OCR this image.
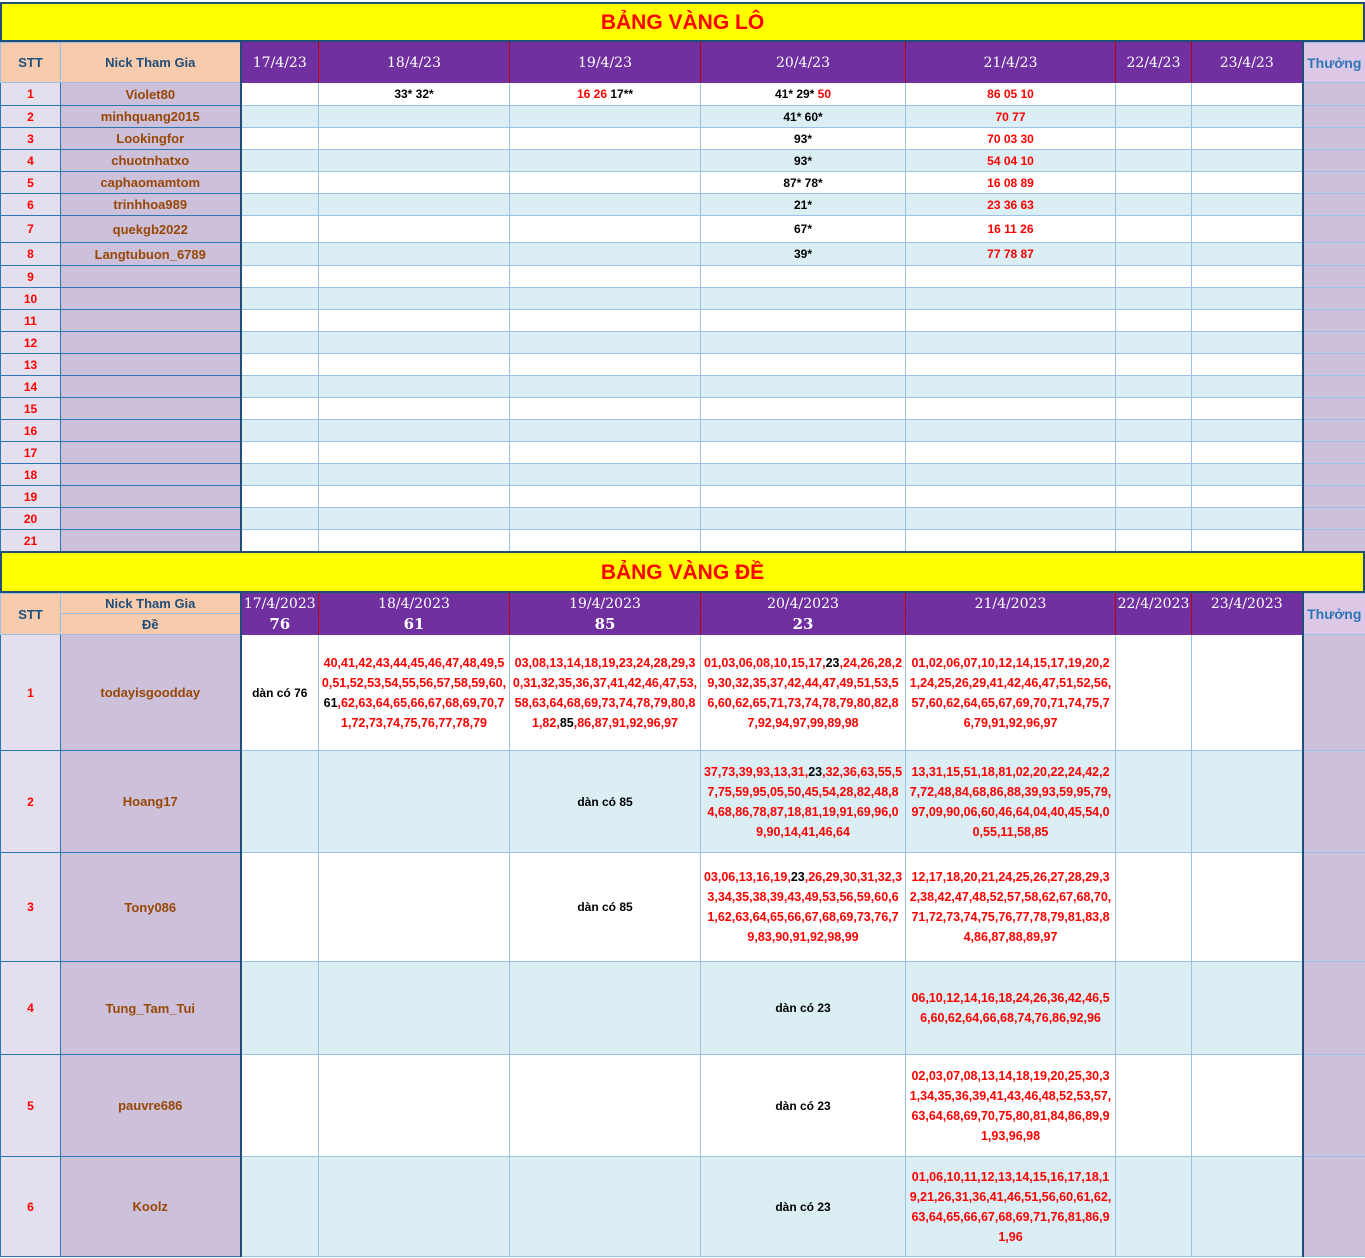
BẢNG VÀNG LÔ
STT	Nick Tham Gia	17/4/23	18/4/23	19/4/23	20/4/23	21/4/23	22/4/23	23/4/23	Thưởng
1	Violet80		33* 32*	16 26 17**	41* 29* 50	86 05 10			

2	minhquang2015				41* 60*	70 77			

3	Lookingfor				93*	70 03 30			

4	chuotnhatxo				93*	54 04 10			

5	caphaomamtom				87* 78*	16 08 89			

6	trinhhoa989				21*	23 36 63			

7	quekgb2022				67*	16 11 26			

8	Langtubuon_6789				39*	77 78 87			

9		

10		

11		

12		

13		

14		

15		

16		

17		

18		

19		

20		

21		

BẢNG VÀNG ĐỀ
STT	Nick Tham Gia	17/4/2023	18/4/2023	19/4/2023	20/4/2023	21/4/2023	22/4/2023	23/4/2023	Thưởng
	Đề	76	61	85	23				
1	todayisgoodday	dàn có 76	40,41,42,43,44,45,46,47,48,49,50,51,52,53,54,55,56,57,58,59,60,61,62,63,64,65,66,67,68,69,70,71,72,73,74,75,76,77,78,79	03,08,13,14,18,19,23,24,28,29,30,31,32,35,36,37,41,42,46,47,53,58,63,64,68,69,73,74,78,79,80,81,82,85,86,87,91,92,96,97	01,03,06,08,10,15,17,23,24,26,28,29,30,32,35,37,42,44,47,49,51,53,56,60,62,65,71,73,74,78,79,80,82,87,92,94,97,99,89,98	01,02,06,07,10,12,14,15,17,19,20,21,24,25,26,29,41,42,46,47,51,52,56,57,60,62,64,65,67,69,70,71,74,75,76,79,91,92,96,97			

2	Hoang17			dàn có 85	37,73,39,93,13,31,23,32,36,63,55,57,75,59,95,05,50,45,54,28,82,48,84,68,86,78,87,18,81,19,91,69,96,09,90,14,41,46,64	13,31,15,51,18,81,02,20,22,24,42,27,72,48,84,68,86,88,39,93,59,95,79,97,09,90,06,60,46,64,04,40,45,54,00,55,11,58,85			

3	Tony086			dàn có 85	03,06,13,16,19,23,26,29,30,31,32,33,34,35,38,39,43,49,53,56,59,60,61,62,63,64,65,66,67,68,69,73,76,79,83,90,91,92,98,99	12,17,18,20,21,24,25,26,27,28,29,32,38,42,47,48,52,57,58,62,67,68,70,71,72,73,74,75,76,77,78,79,81,83,84,86,87,88,89,97			

4	Tung_Tam_Tui				dàn có 23	06,10,12,14,16,18,24,26,36,42,46,56,60,62,64,66,68,74,76,86,92,96			

5	pauvre686				dàn có 23	02,03,07,08,13,14,18,19,20,25,30,31,34,35,36,39,41,43,46,48,52,53,57,63,64,68,69,70,75,80,81,84,86,89,91,93,96,98			

6	Koolz				dàn có 23	01,06,10,11,12,13,14,15,16,17,18,19,21,26,31,36,41,46,51,56,60,61,62,63,64,65,66,67,68,69,71,76,81,86,91,96			
